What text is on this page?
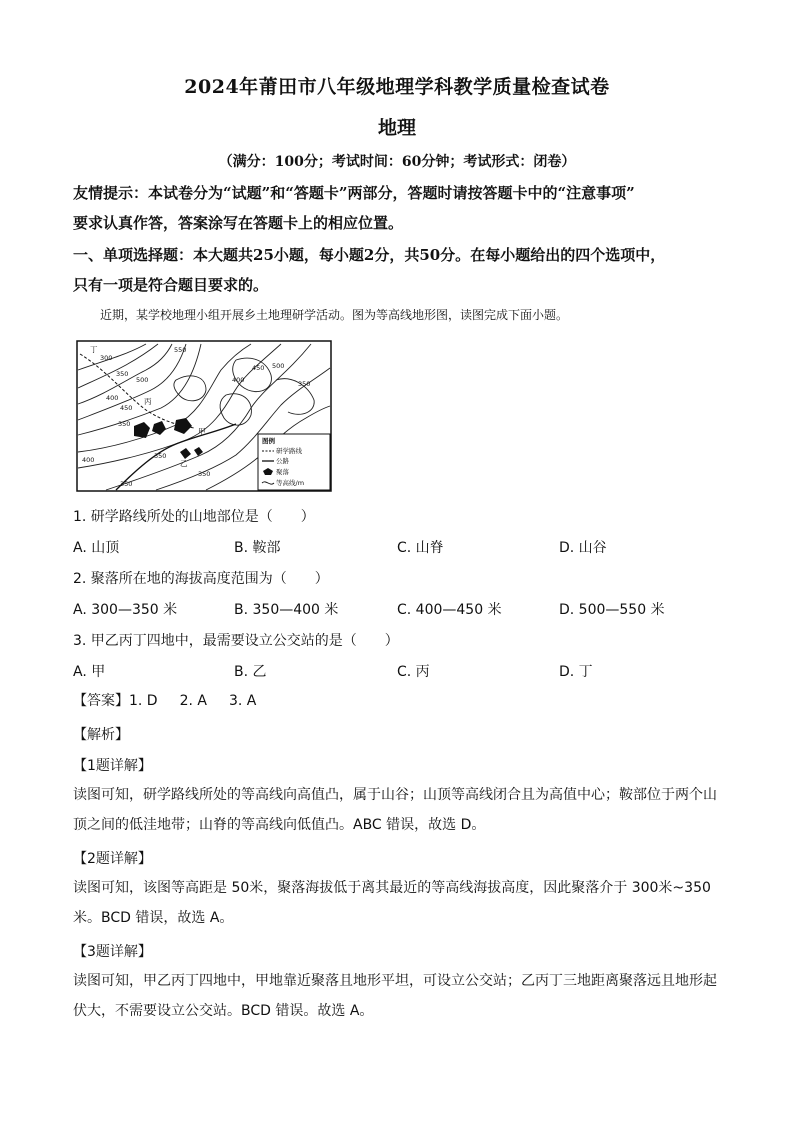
2024年莆田市八年级地理学科教学质量检查试卷
地理
（满分：100分；考试时间：60分钟；考试形式：闭卷）
友情提示：本试卷分为“试题”和“答题卡”两部分，答题时请按答题卡中的“注意事项”
要求认真作答，答案涂写在答题卡上的相应位置。
一、单项选择题：本大题共25小题，每小题2分，共50分。在每小题给出的四个选项中，
只有一项是符合题目要求的。
近期，某学校地理小组开展乡土地理研学活动。图为等高线地形图，读图完成下面小题。
丁
丙
乙
甲
300
350
400
450
500
550
350
400
450 500
350
400	350
350
350
图例
研学路线
公路
聚落
等高线/m
1. 研学路线所处的山地部位是（　　）
A. 山顶	B. 鞍部	C. 山脊	D. 山谷
2. 聚落所在地的海拔高度范围为（　　）
A. 300—350 米	B. 350—400 米	C. 400—450 米	D. 500—550 米
3. 甲乙丙丁四地中，最需要设立公交站的是（　　）
A. 甲	B. 乙	C. 丙	D. 丁
【答案】1. D 2. A 3. A
【解析】
【1题详解】
读图可知，研学路线所处的等高线向高值凸，属于山谷；山顶等高线闭合且为高值中心；鞍部位于两个山
顶之间的低洼地带；山脊的等高线向低值凸。ABC 错误，故选 D。
【2题详解】
读图可知，该图等高距是 50米，聚落海拔低于离其最近的等高线海拔高度，因此聚落介于 300米~350
米。BCD 错误，故选 A。
【3题详解】
读图可知，甲乙丙丁四地中，甲地靠近聚落且地形平坦，可设立公交站；乙丙丁三地距离聚落远且地形起
伏大，不需要设立公交站。BCD 错误。故选 A。
